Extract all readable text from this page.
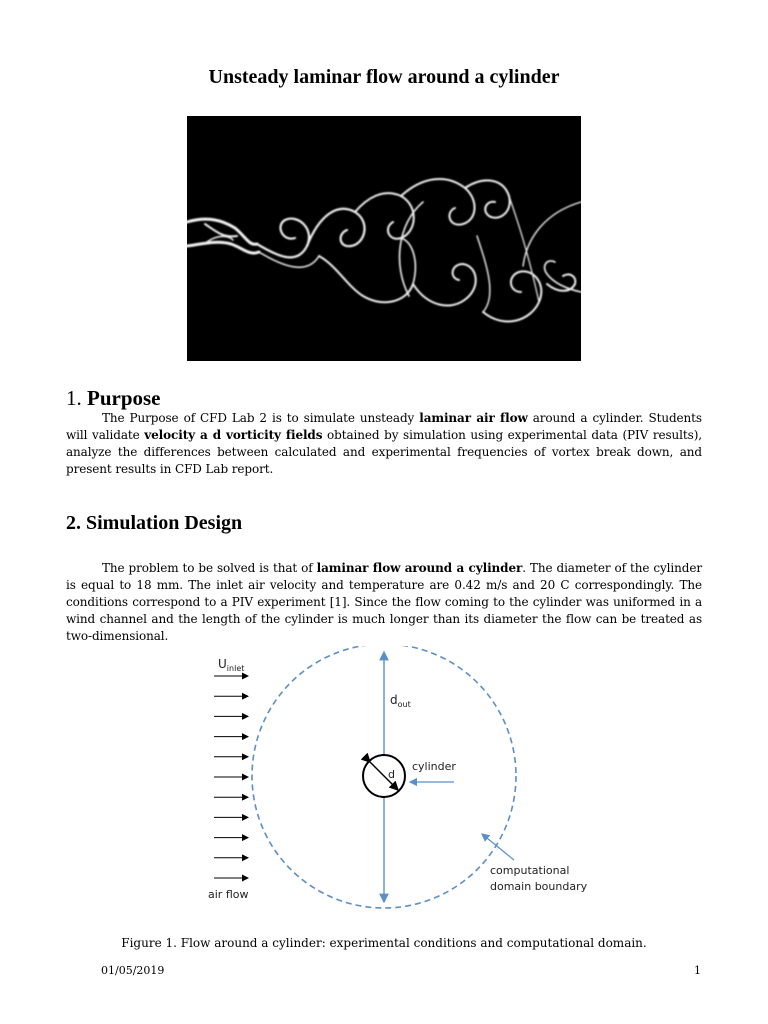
Unsteady laminar flow around a cylinder
1. Purpose
The Purpose of CFD Lab 2 is to simulate unsteady laminar air flow around a cylinder. Students will validate velocity a d vorticity fields obtained by simulation using experimental data (PIV results), analyze the differences between calculated and experimental frequencies of vortex break down, and present results in CFD Lab report.
2. Simulation Design
The problem to be solved is that of laminar flow around a cylinder. The diameter of the cylinder is equal to 18 mm. The inlet air velocity and temperature are 0.42 m/s and 20 C correspondingly. The conditions correspond to a PIV experiment [1]. Since the flow coming to the cylinder was uniformed in a wind channel and the length of the cylinder is much longer than its diameter the flow can be treated as two-dimensional.
$U_{inlet}$
$d_{out}$
d
cylinder
air flow
computational
domain boundary
Figure 1. Flow around a cylinder: experimental conditions and computational domain.
01/05/2019	1
